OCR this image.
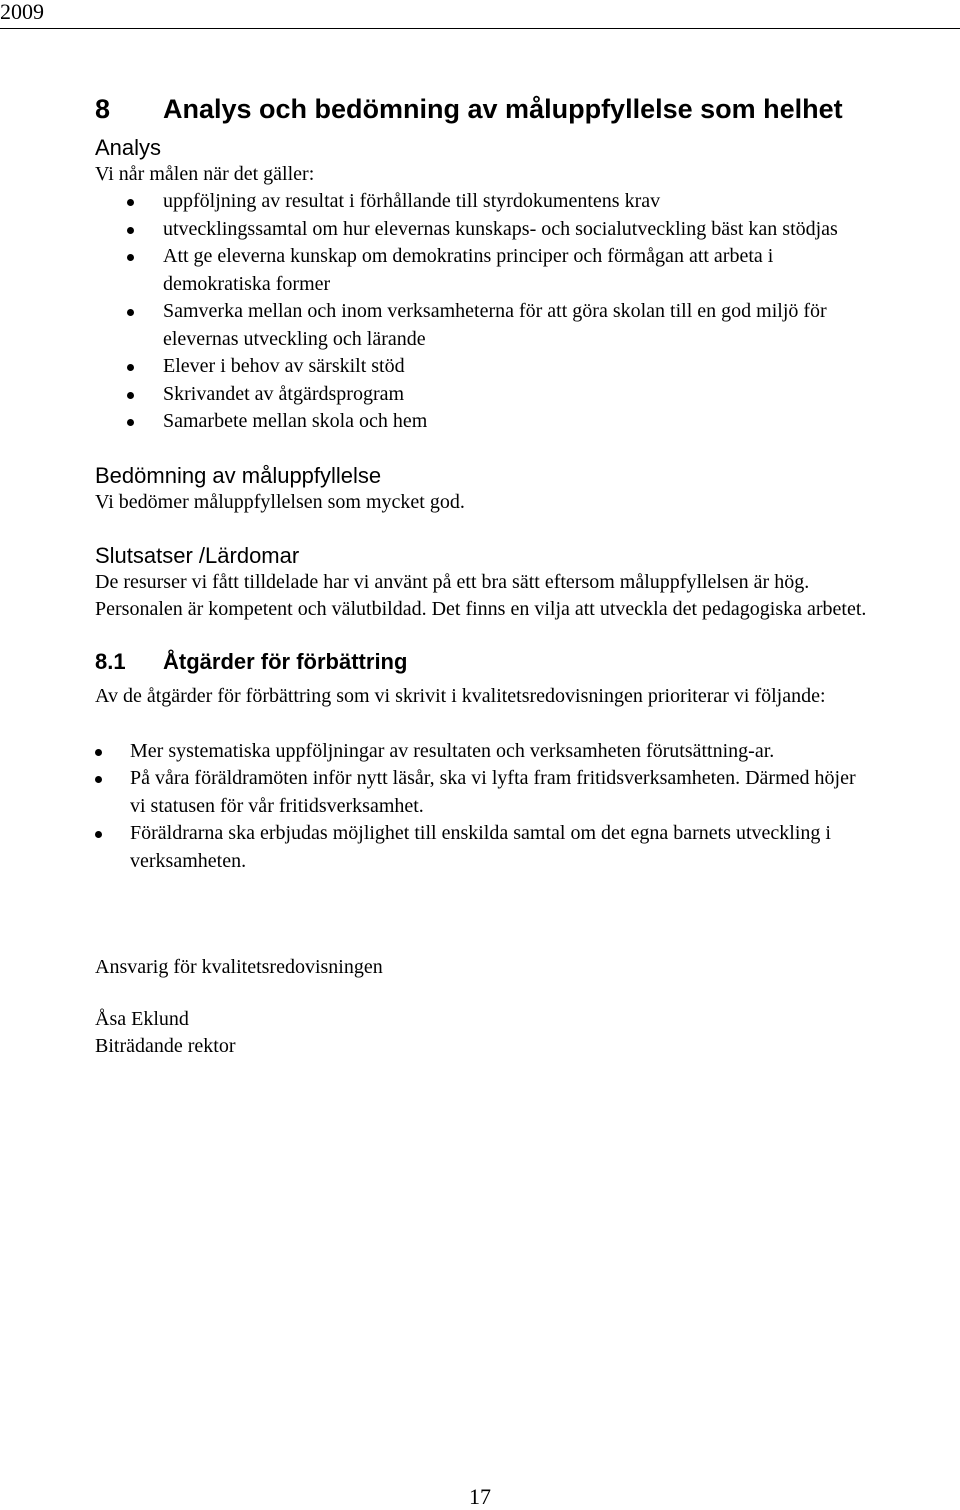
2009
8	Analys och bedömning av måluppfyllelse som helhet
Analys

Vi når målen när det gäller:

uppföljning av resultat i förhållande till styrdokumentens krav
utvecklingssamtal om hur elevernas kunskaps- och socialutveckling bäst kan stödjas
Att ge eleverna kunskap om demokratins principer och förmågan att arbeta i demokratiska former
Samverka mellan och inom verksamheterna för att göra skolan till en god miljö för elevernas utveckling och lärande
Elever i behov av särskilt stöd
Skrivandet av åtgärdsprogram
Samarbete mellan skola och hem
Bedömning av måluppfyllelse

Vi bedömer måluppfyllelsen som mycket god.

Slutsatser /Lärdomar

De resurser vi fått tilldelade har vi använt på ett bra sätt eftersom måluppfyllelsen är hög. Personalen är kompetent och välutbildad. Det finns en vilja att utveckla det pedagogiska arbetet.

8.1	Åtgärder för förbättring

Av de åtgärder för förbättring som vi skrivit i kvalitetsredovisningen prioriterar vi följande:

Mer systematiska uppföljningar av resultaten och verksamheten förutsättning-ar.
På våra föräldramöten inför nytt läsår, ska vi lyfta fram fritidsverksamheten. Därmed höjer vi statusen för vår fritidsverksamhet.
Föräldrarna ska erbjudas möjlighet till enskilda samtal om det egna barnets utveckling i verksamheten.

Ansvarig för kvalitetsredovisningen

Åsa Eklund

Biträdande rektor

17
